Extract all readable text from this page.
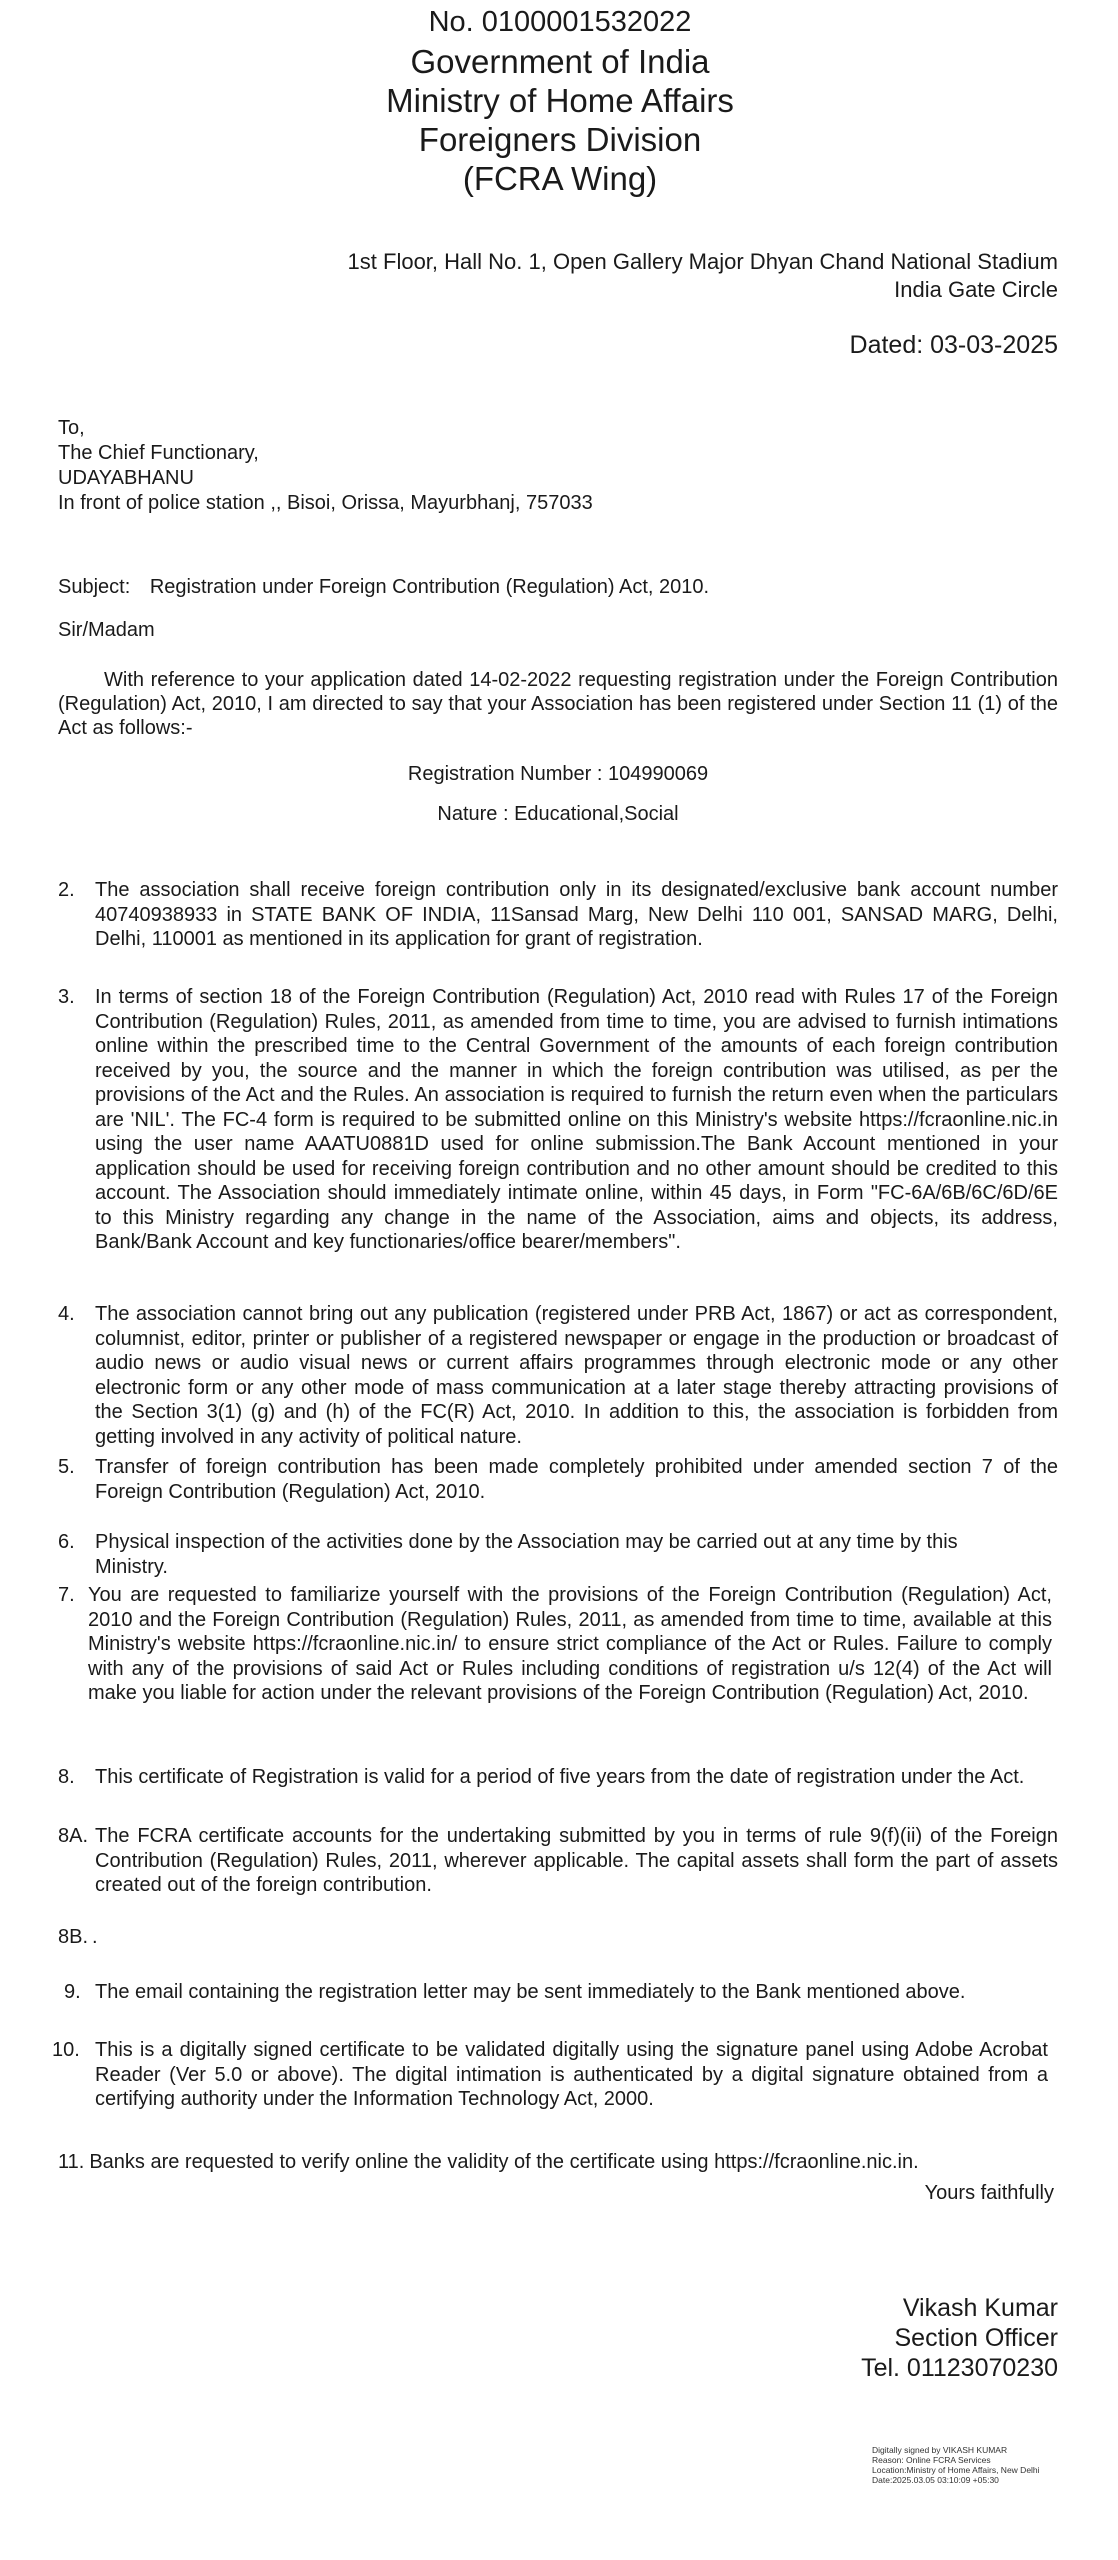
No. 0100001532022
Government of India
Ministry of Home Affairs
Foreigners Division
(FCRA Wing)
1st Floor, Hall No. 1, Open Gallery Major Dhyan Chand National Stadium
India Gate Circle
Dated: 03-03-2025
To,
The Chief Functionary,
UDAYABHANU
In front of police station ,, Bisoi, Orissa, Mayurbhanj, 757033
Subject: Registration under Foreign Contribution (Regulation) Act, 2010.
Sir/Madam
With reference to your application dated 14-02-2022 requesting registration under the Foreign Contribution (Regulation) Act, 2010, I am directed to say that your Association has been registered under Section 11 (1) of the Act as follows:-
Registration Number : 104990069
Nature : Educational,Social
2.	The association shall receive foreign contribution only in its designated/exclusive bank account number 40740938933 in STATE BANK OF INDIA, 11Sansad Marg, New Delhi 110 001, SANSAD MARG, Delhi, Delhi, 110001 as mentioned in its application for grant of registration.
3.	In terms of section 18 of the Foreign Contribution (Regulation) Act, 2010 read with Rules 17 of the Foreign Contribution (Regulation) Rules, 2011, as amended from time to time, you are advised to furnish intimations online within the prescribed time to the Central Government of the amounts of each foreign contribution received by you, the source and the manner in which the foreign contribution was utilised, as per the provisions of the Act and the Rules. An association is required to furnish the return even when the particulars are 'NIL'. The FC-4 form is required to be submitted online on this Ministry's website https://fcraonline.nic.in using the user name AAATU0881D used for online submission.The Bank Account mentioned in your application should be used for receiving foreign contribution and no other amount should be credited to this account. The Association should immediately intimate online, within 45 days, in Form "FC-6A/6B/6C/6D/6E to this Ministry regarding any change in the name of the Association, aims and objects, its address, Bank/Bank Account and key functionaries/office bearer/members".
4.	The association cannot bring out any publication (registered under PRB Act, 1867) or act as correspondent, columnist, editor, printer or publisher of a registered newspaper or engage in the production or broadcast of audio news or audio visual news or current affairs programmes through electronic mode or any other electronic form or any other mode of mass communication at a later stage thereby attracting provisions of the Section 3(1) (g) and (h) of the FC(R) Act, 2010. In addition to this, the association is forbidden from getting involved in any activity of political nature.
5.	Transfer of foreign contribution has been made completely prohibited under amended section 7 of the Foreign Contribution (Regulation) Act, 2010.
6.	Physical inspection of the activities done by the Association may be carried out at any time by this Ministry.
7. You are requested to familiarize yourself with the provisions of the Foreign Contribution (Regulation) Act, 2010 and the Foreign Contribution (Regulation) Rules, 2011, as amended from time to time, available at this Ministry's website https://fcraonline.nic.in/ to ensure strict compliance of the Act or Rules. Failure to comply with any of the provisions of said Act or Rules including conditions of registration u/s 12(4) of the Act will make you liable for action under the relevant provisions of the Foreign Contribution (Regulation) Act, 2010.
8.	This certificate of Registration is valid for a period of five years from the date of registration under the Act.
8A. The FCRA certificate accounts for the undertaking submitted by you in terms of rule 9(f)(ii) of the Foreign Contribution (Regulation) Rules, 2011, wherever applicable. The capital assets shall form the part of assets created out of the foreign contribution.
8B. .
9. The email containing the registration letter may be sent immediately to the Bank mentioned above.
10. This is a digitally signed certificate to be validated digitally using the signature panel using Adobe Acrobat Reader (Ver 5.0 or above). The digital intimation is authenticated by a digital signature obtained from a certifying authority under the Information Technology Act, 2000.
11. Banks are requested to verify online the validity of the certificate using https://fcraonline.nic.in.
Yours faithfully
Vikash Kumar
Section Officer
Tel. 01123070230
Digitally signed by VIKASH KUMAR
Reason: Online FCRA Services
Location:Ministry of Home Affairs, New Delhi
Date:2025.03.05 03:10:09 +05:30
